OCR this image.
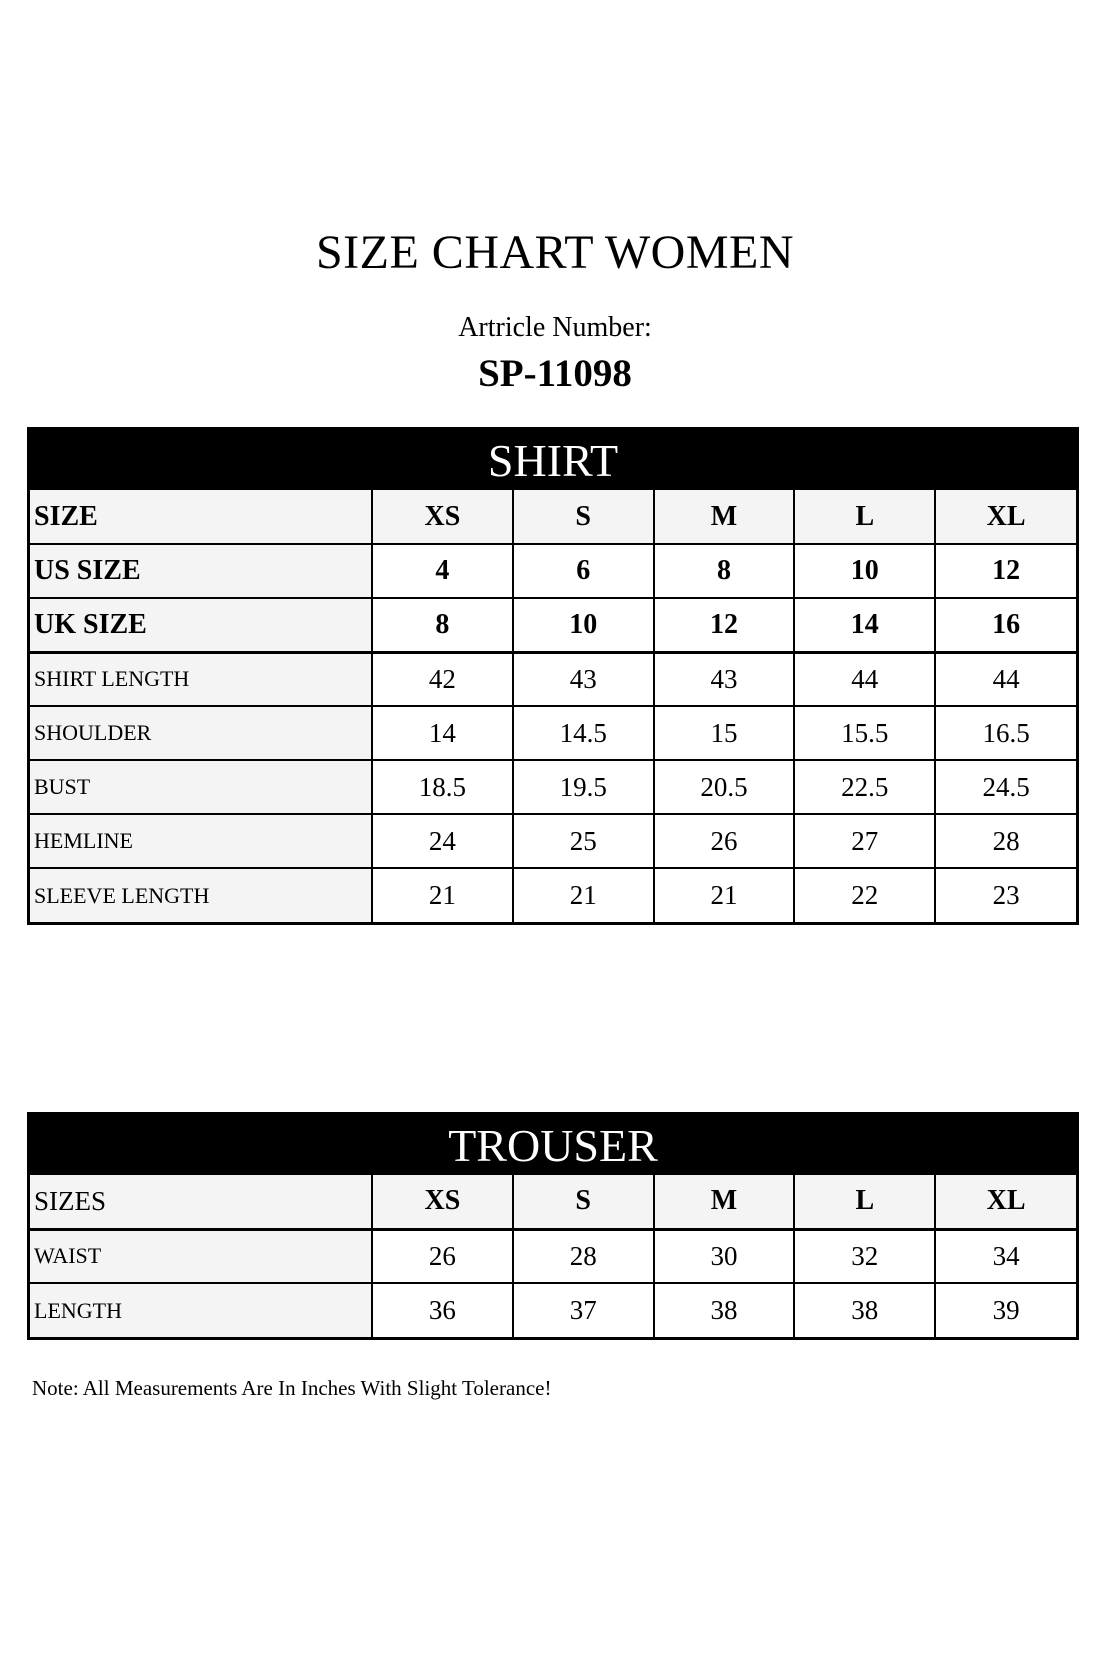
SIZE CHART WOMEN
Artricle Number:
SP-11098
SHIRT
SIZE	XS	S	M	L	XL
US SIZE	4	6	8	10	12
UK SIZE	8	10	12	14	16
SHIRT LENGTH	42	43	43	44	44
SHOULDER	14	14.5	15	15.5	16.5
BUST	18.5	19.5	20.5	22.5	24.5
HEMLINE	24	25	26	27	28
SLEEVE LENGTH	21	21	21	22	23
TROUSER
SIZES	XS	S	M	L	XL
WAIST	26	28	30	32	34
LENGTH	36	37	38	38	39
Note: All Measurements Are In Inches With Slight Tolerance!
